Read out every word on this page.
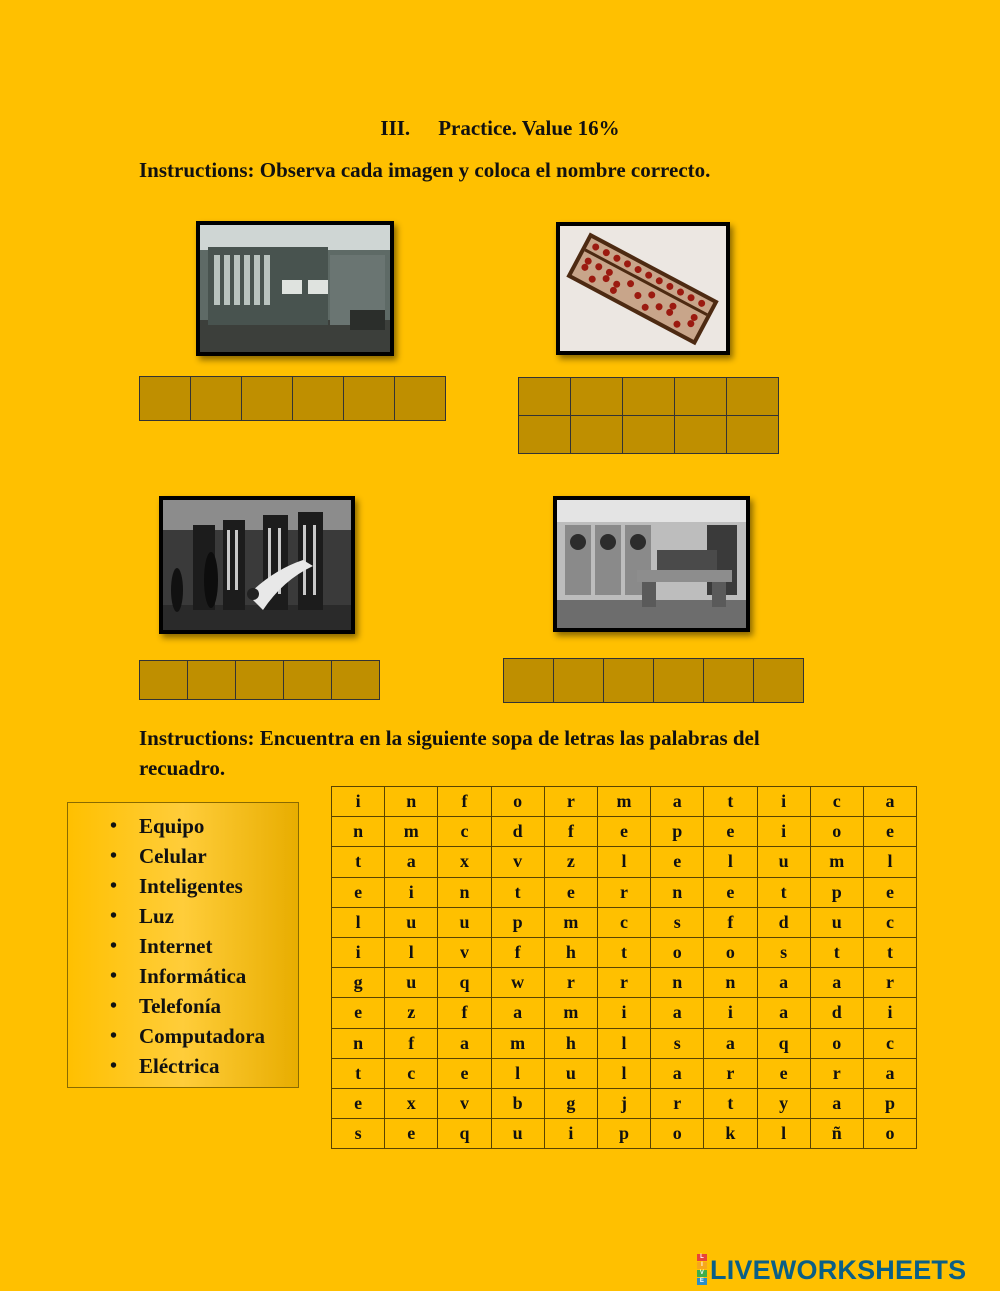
III. Practice. Value 16%
Instructions: Observa cada imagen y coloca el nombre correcto.

Instructions: Encuentra en la siguiente sopa de letras las palabras del recuadro.
• Equipo
• Celular
• Inteligentes
• Luz
• Internet
• Informática
• Telefonía
• Computadora
• Eléctrica
i	n	f	o	r	m	a	t	i	c	a
n	m	c	d	f	e	p	e	i	o	e
t	a	x	v	z	l	e	l	u	m	l
e	i	n	t	e	r	n	e	t	p	e
l	u	u	p	m	c	s	f	d	u	c
i	l	v	f	h	t	o	o	s	t	t
g	u	q	w	r	r	n	n	a	a	r
e	z	f	a	m	i	a	i	a	d	i
n	f	a	m	h	l	s	a	q	o	c
t	c	e	l	u	l	a	r	e	r	a
e	x	v	b	g	j	r	t	y	a	p
s	e	q	u	i	p	o	k	l	ñ	o
L
I
V
E LIVEWORKSHEETS
